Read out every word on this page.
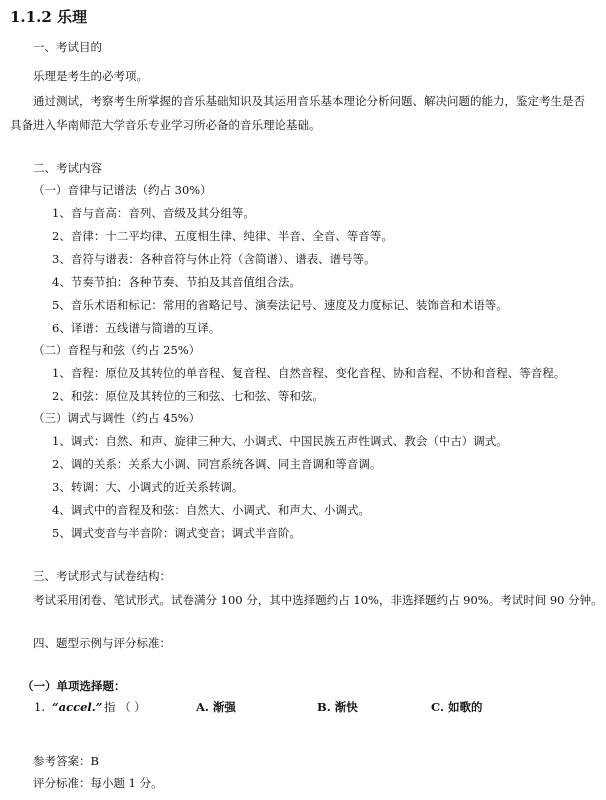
1.1.2 乐理
一、考试目的
乐理是考生的必考项。
通过测试，考察考生所掌握的音乐基础知识及其运用音乐基本理论分析问题、解决问题的能力，鉴定考生是否
具备进入华南师范大学音乐专业学习所必备的音乐理论基础。
二、考试内容
（一）音律与记谱法（约占 30%）
1、音与音高：音列、音级及其分组等。
2、音律：十二平均律、五度相生律、纯律、半音、全音、等音等。
3、音符与谱表：各种音符与休止符（含简谱）、谱表、谱号等。
4、节奏节拍：各种节奏、节拍及其音值组合法。
5、音乐术语和标记：常用的省略记号、演奏法记号、速度及力度标记、装饰音和术语等。
6、译谱：五线谱与简谱的互译。
（二）音程与和弦（约占 25%）
1、音程：原位及其转位的单音程、复音程、自然音程、变化音程、协和音程、不协和音程、等音程。
2、和弦：原位及其转位的三和弦、七和弦、等和弦。
（三）调式与调性（约占 45%）
1、调式：自然、和声、旋律三种大、小调式、中国民族五声性调式、教会（中古）调式。
2、调的关系：关系大小调、同宫系统各调、同主音调和等音调。
3、转调：大、小调式的近关系转调。
4、调式中的音程及和弦：自然大、小调式、和声大、小调式。
5、调式变音与半音阶：调式变音；调式半音阶。
三、考试形式与试卷结构：
考试采用闭卷、笔试形式。试卷满分 100 分，其中选择题约占 10%，非选择题约占 90%。考试时间 90 分钟。
四、题型示例与评分标准：
（一）单项选择题：
1. “accel.” 指 （ ）	A. 渐强	B. 渐快	C. 如歌的
参考答案：B
评分标准：每小题 1 分。
